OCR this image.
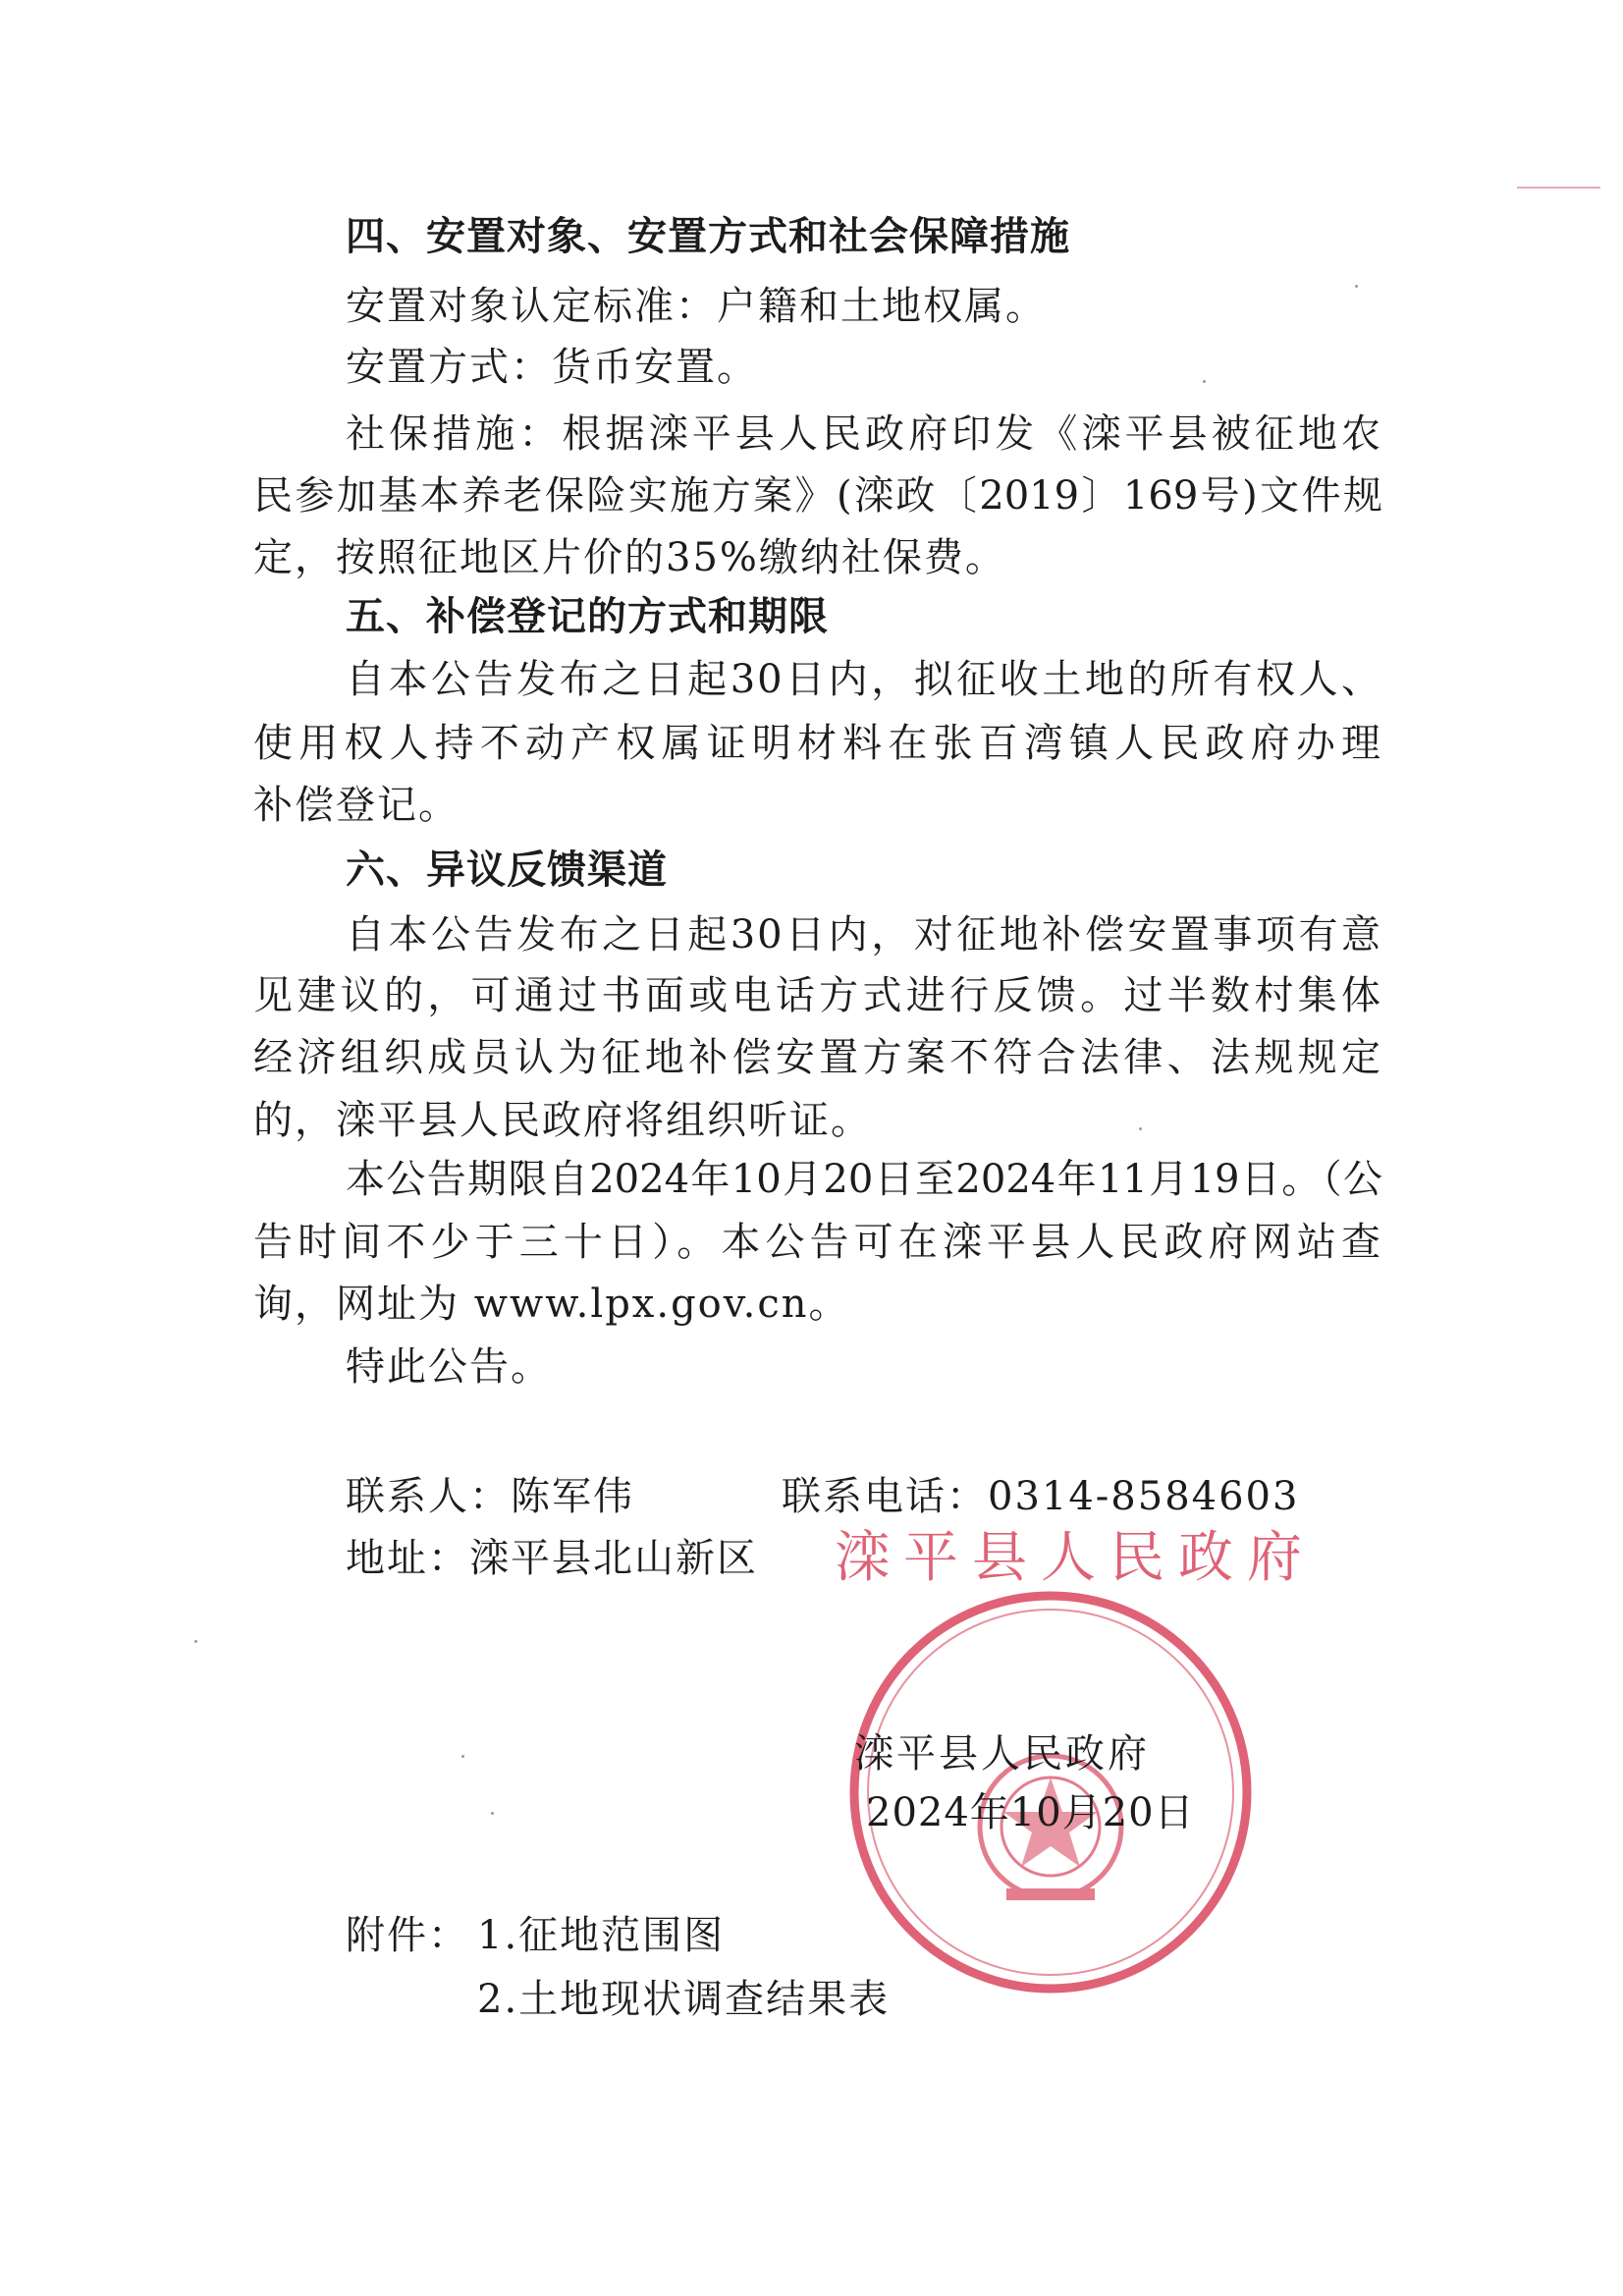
四、安置对象、安置方式和社会保障措施
安置对象认定标准：户籍和土地权属。
安置方式：货币安置。
社保措施：根据滦平县人民政府印发《滦平县被征地农
民参加基本养老保险实施方案》(滦政〔2019〕169号)文件规
定，按照征地区片价的35%缴纳社保费。
五、补偿登记的方式和期限
自本公告发布之日起30日内，拟征收土地的所有权人、
使用权人持不动产权属证明材料在张百湾镇人民政府办理
补偿登记。
六、异议反馈渠道
自本公告发布之日起30日内，对征地补偿安置事项有意
见建议的，可通过书面或电话方式进行反馈。过半数村集体
经济组织成员认为征地补偿安置方案不符合法律、法规规定
的，滦平县人民政府将组织听证。
本公告期限自2024年10月20日至2024年11月19日。（公
告时间不少于三十日）。本公告可在滦平县人民政府网站查
询，网址为 www.lpx.gov.cn。
特此公告。
联系人：陈军伟	联系电话：0314-8584603
地址：滦平县北山新区	滦平县人民政府
滦平县人民政府
2024年10月20日
附件： 1.征地范围图
2.土地现状调查结果表
